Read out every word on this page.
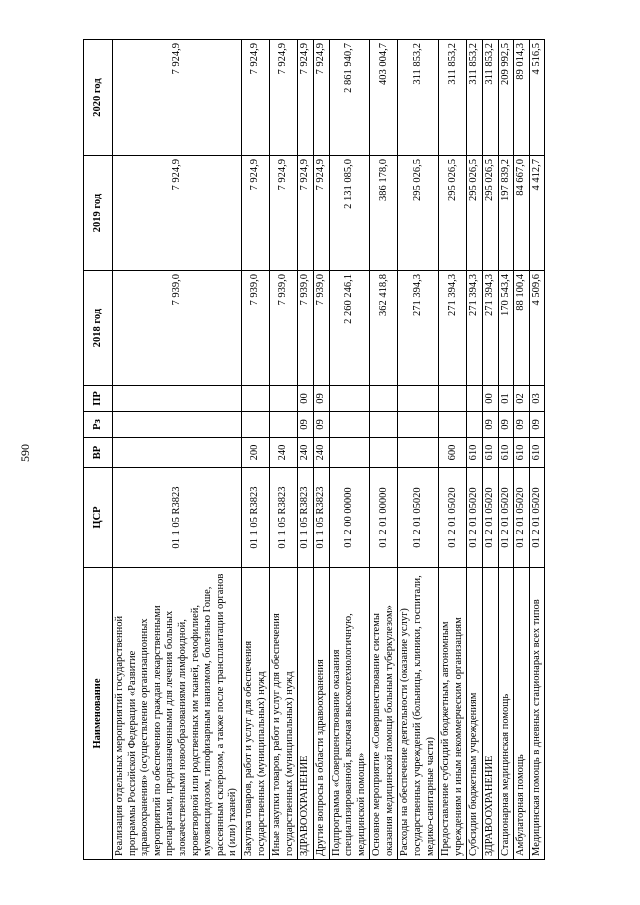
590
Наименование	ЦСР	ВР	Рз	ПР	2018 год	2019 год	2020 год
Реализация отдельных мероприятий государственной программы Российской Федерации «Развитие здравоохранения» (осуществление организационных мероприятий по обеспечению граждан лекарственными препаратами, предназначенными для лечения больных злокачественными новообразованиями лимфоидной, кроветворной или родственных им тканей, гемофилией, муковисцидозом, гипофизарным нанизмом, болезнью Гоше, рассеянным склерозом, а также после трансплантации органов и (или) тканей)	01 1 05 R3823				7 939,0	7 924,9	7 924,9
Закупка товаров, работ и услуг для обеспечения государственных (муниципальных) нужд	01 1 05 R3823	200			7 939,0	7 924,9	7 924,9
Иные закупки товаров, работ и услуг для обеспечения государственных (муниципальных) нужд	01 1 05 R3823	240			7 939,0	7 924,9	7 924,9
ЗДРАВООХРАНЕНИЕ	01 1 05 R3823	240	09	00	7 939,0	7 924,9	7 924,9
Другие вопросы в области здравоохранения	01 1 05 R3823	240	09	09	7 939,0	7 924,9	7 924,9
Подпрограмма «Совершенствование оказания специализированной, включая высокотехнологичную, медицинской помощи»	01 2 00 00000				2 260 246,1	2 131 085,0	2 861 940,7
Основное мероприятие «Совершенствование системы оказания медицинской помощи больным туберкулезом»	01 2 01 00000				362 418,8	386 178,0	403 004,7
Расходы на обеспечение деятельности (оказание услуг) государственных учреждений (больницы, клиники, госпитали, медико-санитарные части)	01 2 01 05020				271 394,3	295 026,5	311 853,2
Предоставление субсидий бюджетным, автономным учреждениям и иным некоммерческим организациям	01 2 01 05020	600			271 394,3	295 026,5	311 853,2
Субсидии бюджетным учреждениям	01 2 01 05020	610			271 394,3	295 026,5	311 853,2
ЗДРАВООХРАНЕНИЕ	01 2 01 05020	610	09	00	271 394,3	295 026,5	311 853,2
Стационарная медицинская помощь	01 2 01 05020	610	09	01	170 543,4	197 839,2	209 992,5
Амбулаторная помощь	01 2 01 05020	610	09	02	88 100,4	84 667,0	89 014,3
Медицинская помощь в дневных стационарах всех типов	01 2 01 05020	610	09	03	4 509,6	4 412,7	4 516,5
